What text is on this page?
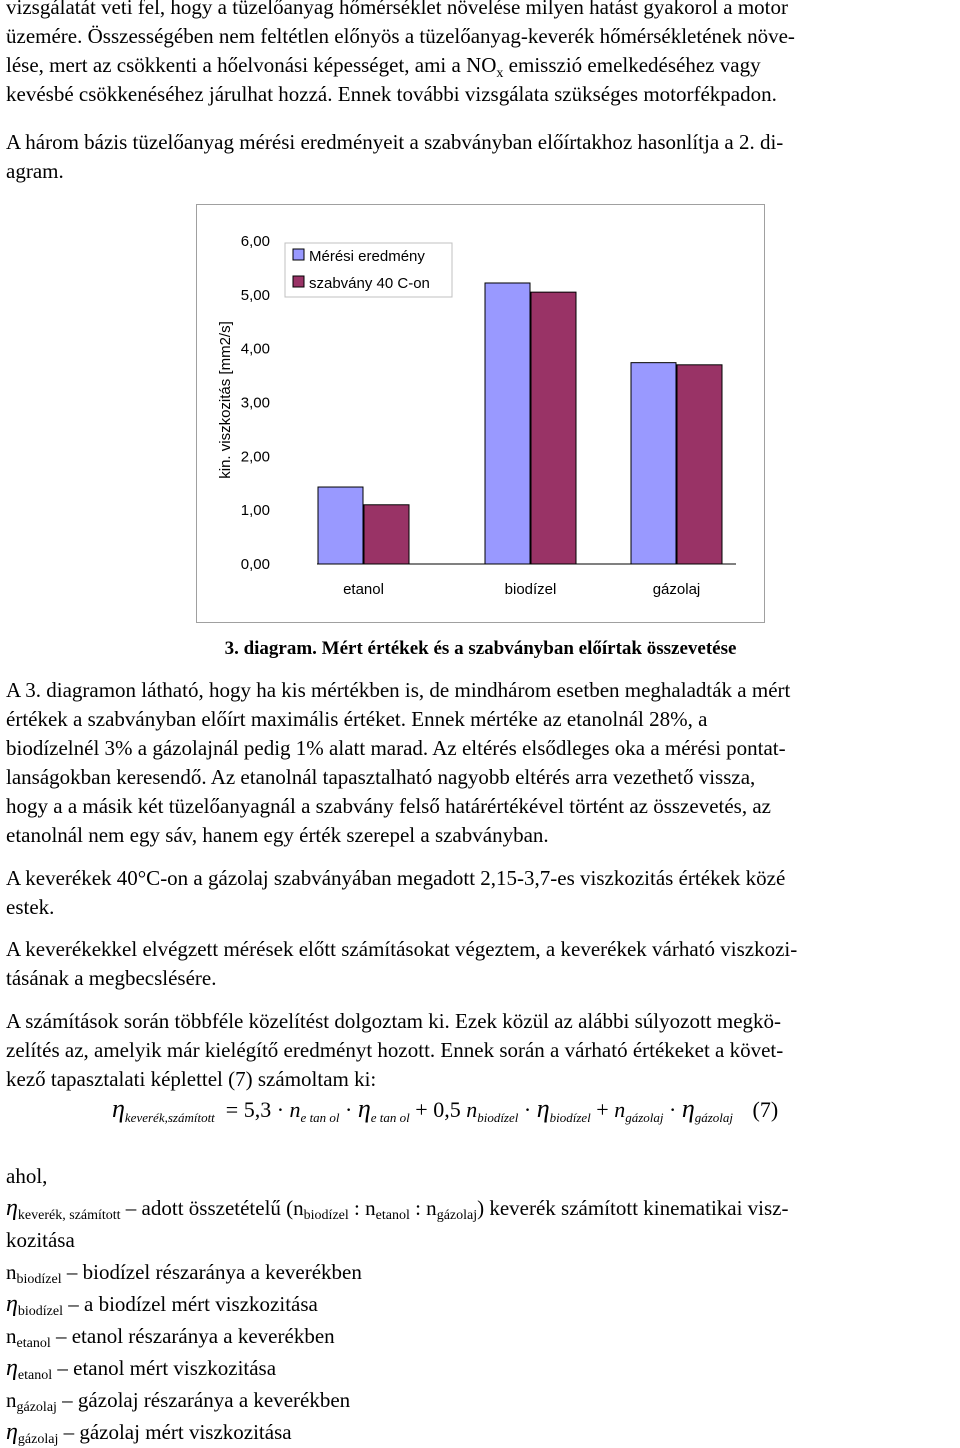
vizsgálatát veti fel, hogy a tüzelőanyag hőmérséklet növelése milyen hatást gyakorol a motor
üzemére. Összességében nem feltétlen előnyös a tüzelőanyag-keverék hőmérsékletének növe-
lése, mert az csökkenti a hőelvonási képességet, ami a $NO_x$ emisszió emelkedéséhez vagy
kevésbé csökkenéséhez járulhat hozzá. Ennek további vizsgálata szükséges motorfékpadon.
A három bázis tüzelőanyag mérési eredményeit a szabványban előírtakhoz hasonlítja a 2. di-
agram.
0,00
1,00
2,00
3,00
4,00
5,00
6,00
kin. viszkozitás [mm2/s]
etanol	biodízel	gázolaj
Mérési eredmény
szabvány 40 C-on
3. diagram. Mért értékek és a szabványban előírtak összevetése
A 3. diagramon látható, hogy ha kis mértékben is, de mindhárom esetben meghaladták a mért
értékek a szabványban előírt maximális értéket. Ennek mértéke az etanolnál 28%, a
biodízelnél 3% a gázolajnál pedig 1% alatt marad. Az eltérés elsődleges oka a mérési pontat-
lanságokban keresendő. Az etanolnál tapasztalható nagyobb eltérés arra vezethető vissza,
hogy a a másik két tüzelőanyagnál a szabvány felső határértékével történt az összevetés, az
etanolnál nem egy sáv, hanem egy érték szerepel a szabványban.
A keverékek 40°C-on a gázolaj szabványában megadott 2,15-3,7-es viszkozitás értékek közé
estek.
A keverékekkel elvégzett mérések előtt számításokat végeztem, a keverékek várható viszkozi-
tásának a megbecslésére.
A számítások során többféle közelítést dolgoztam ki. Ezek közül az alábbi súlyozott megkö-
zelítés az, amelyik már kielégítő eredményt hozott. Ennek során a várható értékeket a követ-
kező tapasztalati képlettel (7) számoltam ki:
$\eta_{keverék,számított} = 5,3 \cdot n_{e tan ol} \cdot \eta_{e tan ol} + 0,5$ $n_{biodízel} \cdot \eta_{biodízel} + n_{gázolaj} \cdot \eta_{gázolaj}$ (7)
ahol,
$\eta_{keverék, számított}$ – adott összetételű ($n_{biodízel}$ : $n_{etanol}$ : $n_{gázolaj}$) keverék számított kinematikai visz-
kozitása
$n_{biodízel}$ – biodízel részaránya a keverékben
$\eta_{biodízel}$ – a biodízel mért viszkozitása
$n_{etanol}$ – etanol részaránya a keverékben
$\eta_{etanol}$ – etanol mért viszkozitása
$n_{gázolaj}$ – gázolaj részaránya a keverékben
$\eta_{gázolaj}$ – gázolaj mért viszkozitása
